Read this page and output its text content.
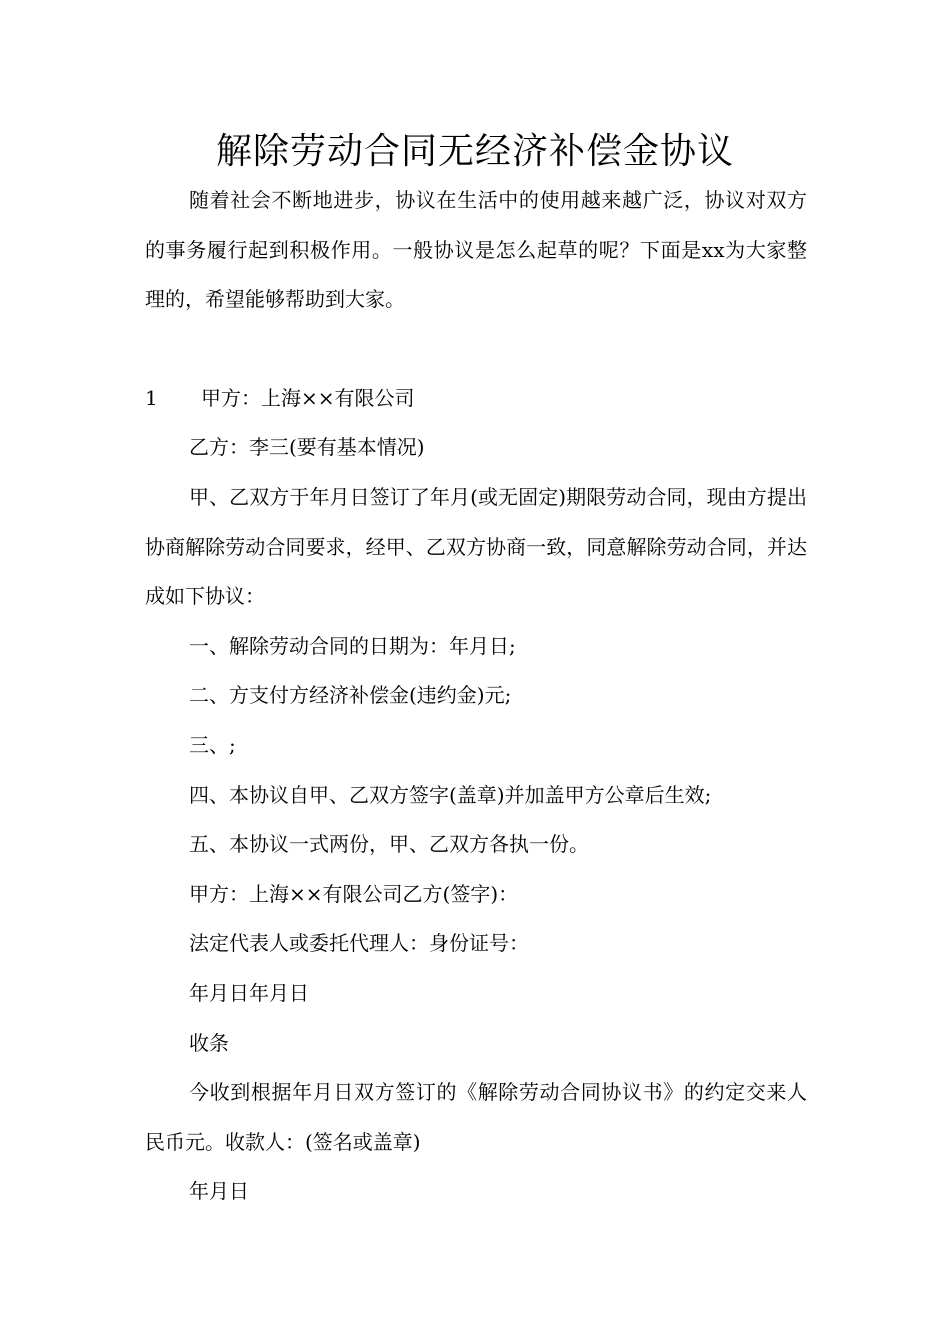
解除劳动合同无经济补偿金协议

随着社会不断地进步，协议在生活中的使用越来越广泛，协议对双方的事务履行起到积极作用。一般协议是怎么起草的呢？下面是xx为大家整理的，希望能够帮助到大家。

1 甲方：上海××有限公司

乙方：李三(要有基本情况)

甲、乙双方于年月日签订了年月(或无固定)期限劳动合同，现由方提出协商解除劳动合同要求，经甲、乙双方协商一致，同意解除劳动合同，并达成如下协议：

一、解除劳动合同的日期为：年月日;

二、方支付方经济补偿金(违约金)元;

三、;

四、本协议自甲、乙双方签字(盖章)并加盖甲方公章后生效;

五、本协议一式两份，甲、乙双方各执一份。

甲方：上海××有限公司乙方(签字)：

法定代表人或委托代理人：身份证号：

年月日年月日

收条

今收到根据年月日双方签订的《解除劳动合同协议书》的约定交来人民币元。收款人：(签名或盖章)

年月日
